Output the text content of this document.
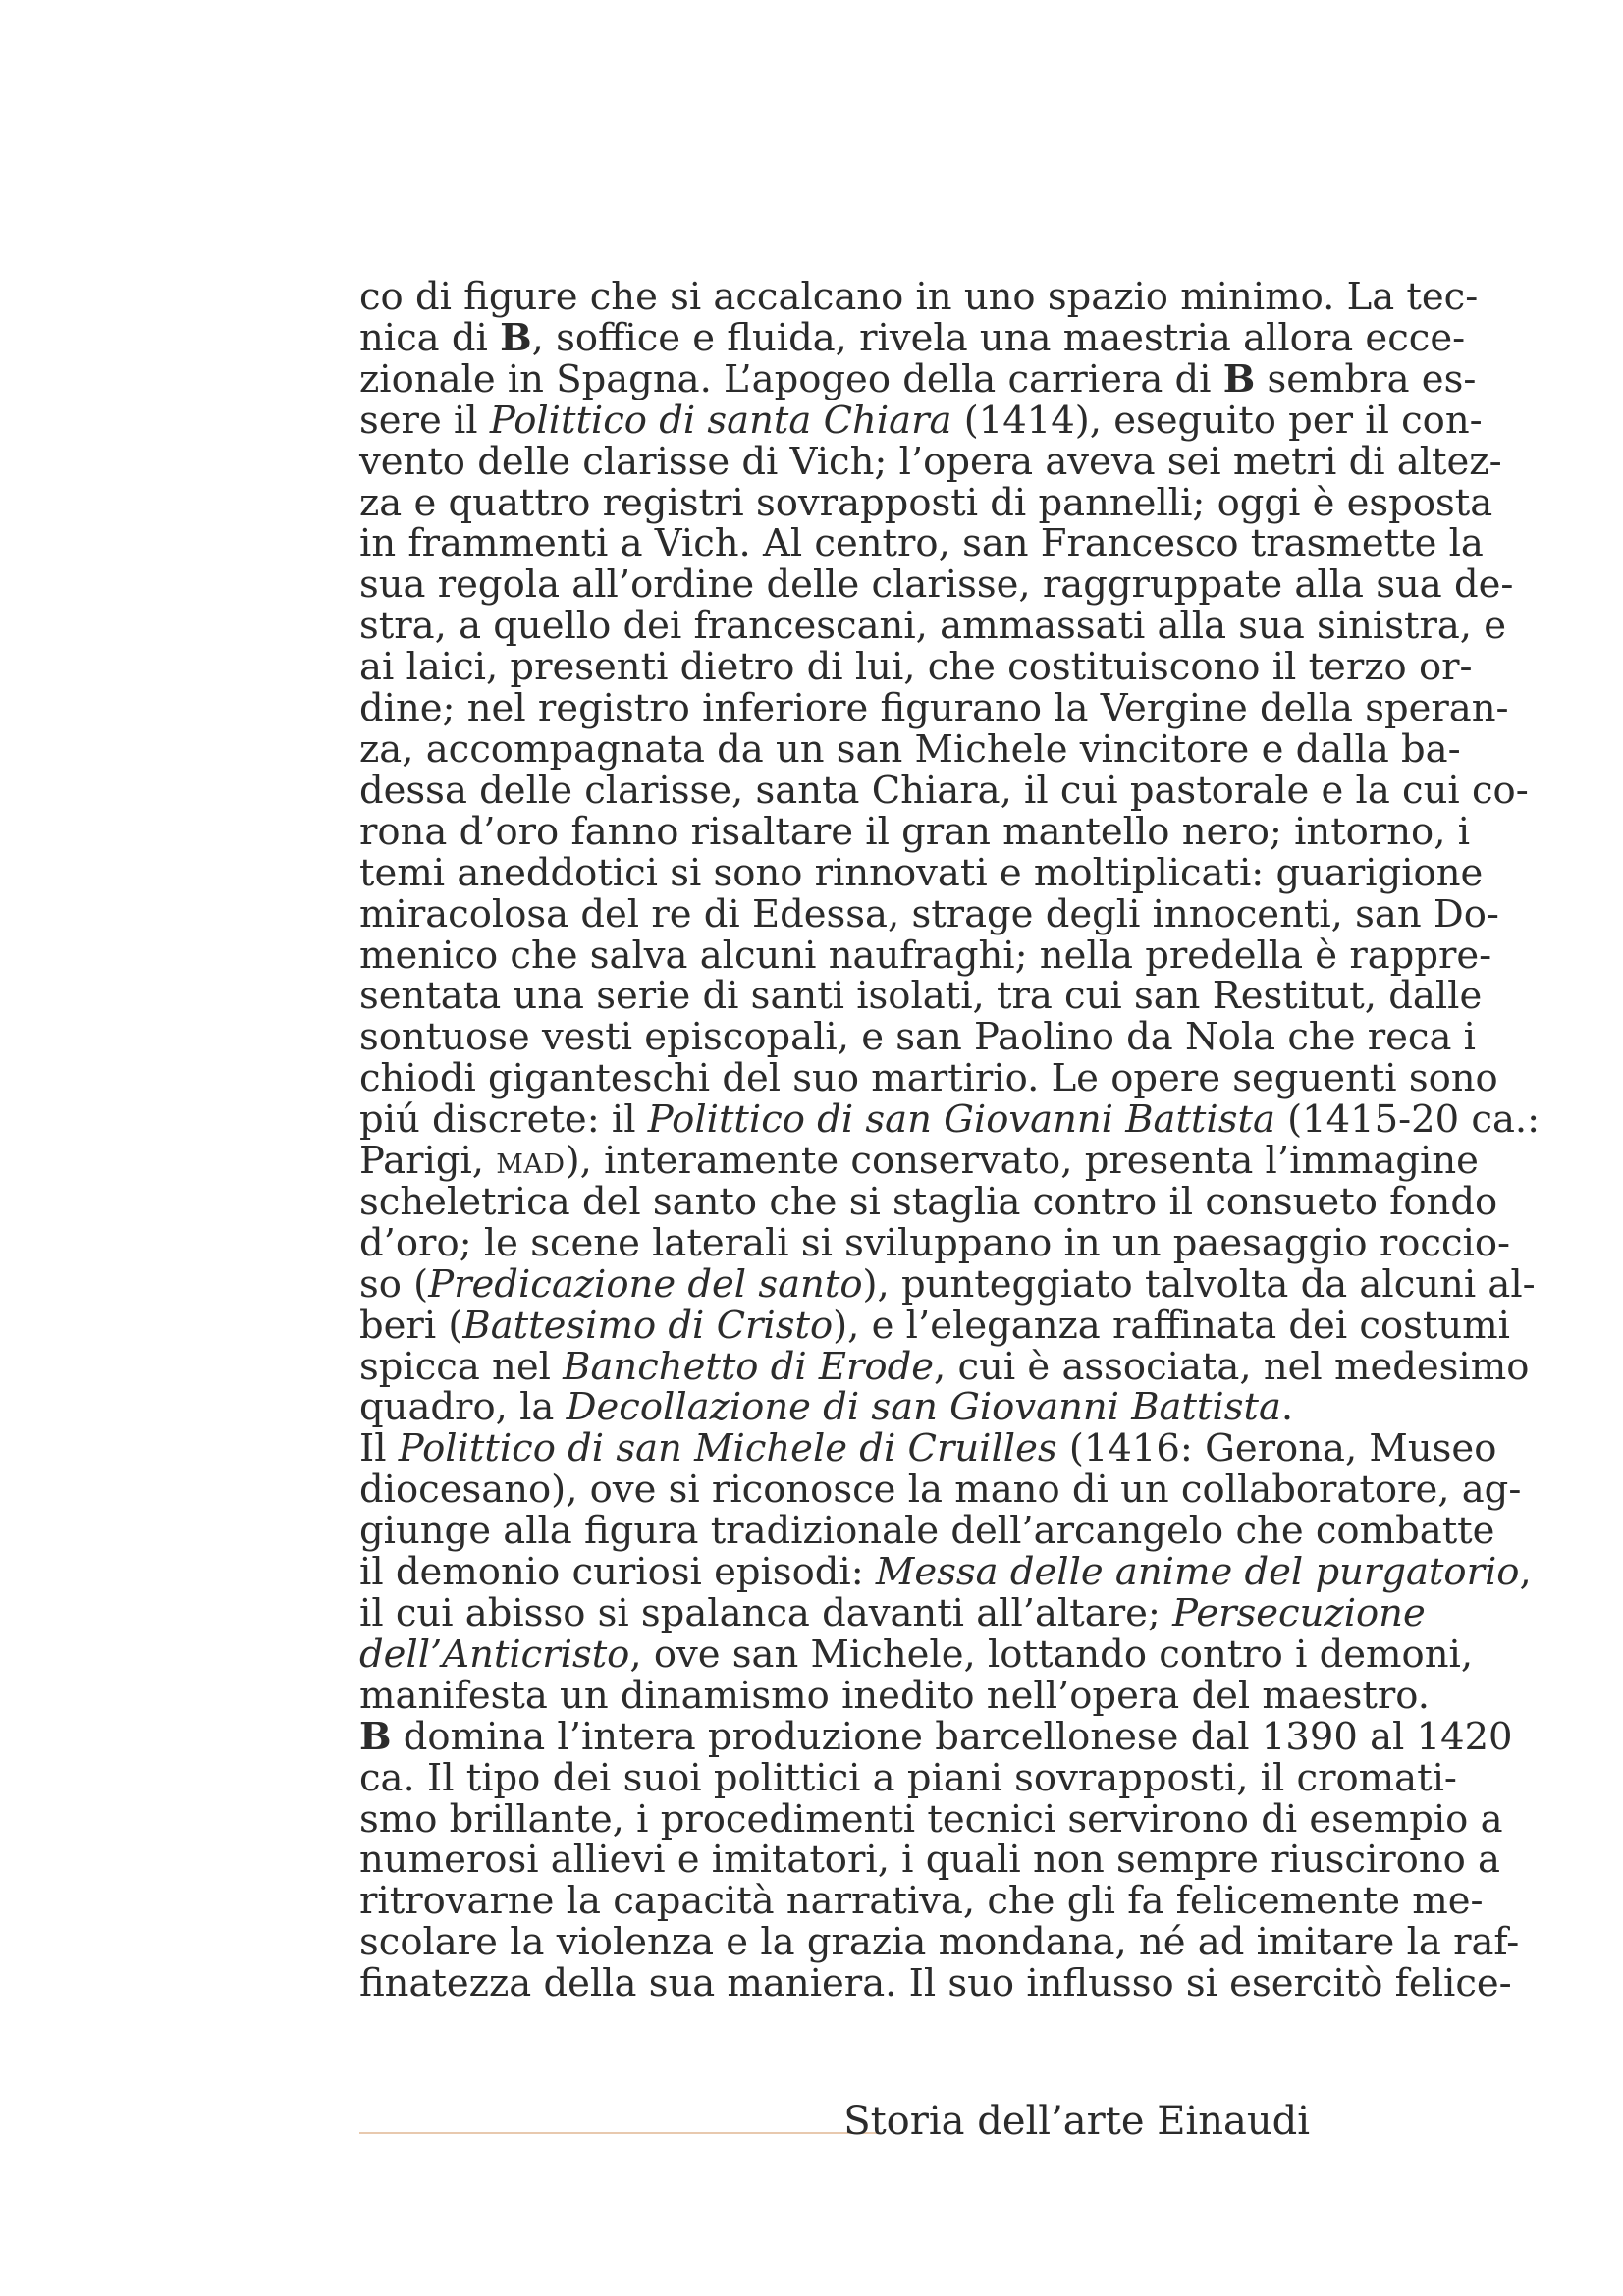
co di figure che si accalcano in uno spazio minimo. La tec-
nica di B, soffice e fluida, rivela una maestria allora ecce-
zionale in Spagna. L’apogeo della carriera di B sembra es-
sere il Polittico di santa Chiara (1414), eseguito per il con-
vento delle clarisse di Vich; l’opera aveva sei metri di altez-
za e quattro registri sovrapposti di pannelli; oggi è esposta
in frammenti a Vich. Al centro, san Francesco trasmette la
sua regola all’ordine delle clarisse, raggruppate alla sua de-
stra, a quello dei francescani, ammassati alla sua sinistra, e
ai laici, presenti dietro di lui, che costituiscono il terzo or-
dine; nel registro inferiore figurano la Vergine della speran-
za, accompagnata da un san Michele vincitore e dalla ba-
dessa delle clarisse, santa Chiara, il cui pastorale e la cui co-
rona d’oro fanno risaltare il gran mantello nero; intorno, i
temi aneddotici si sono rinnovati e moltiplicati: guarigione
miracolosa del re di Edessa, strage degli innocenti, san Do-
menico che salva alcuni naufraghi; nella predella è rappre-
sentata una serie di santi isolati, tra cui san Restitut, dalle
sontuose vesti episcopali, e san Paolino da Nola che reca i
chiodi giganteschi del suo martirio. Le opere seguenti sono
piú discrete: il Polittico di san Giovanni Battista (1415-20 ca.:
Parigi, mad), interamente conservato, presenta l’immagine
scheletrica del santo che si staglia contro il consueto fondo
d’oro; le scene laterali si sviluppano in un paesaggio roccio-
so (Predicazione del santo), punteggiato talvolta da alcuni al-
beri (Battesimo di Cristo), e l’eleganza raffinata dei costumi
spicca nel Banchetto di Erode, cui è associata, nel medesimo
quadro, la Decollazione di san Giovanni Battista.
Il Polittico di san Michele di Cruilles (1416: Gerona, Museo
diocesano), ove si riconosce la mano di un collaboratore, ag-
giunge alla figura tradizionale dell’arcangelo che combatte
il demonio curiosi episodi: Messa delle anime del purgatorio,
il cui abisso si spalanca davanti all’altare; Persecuzione
dell’Anticristo, ove san Michele, lottando contro i demoni,
manifesta un dinamismo inedito nell’opera del maestro.
B domina l’intera produzione barcellonese dal 1390 al 1420
ca. Il tipo dei suoi polittici a piani sovrapposti, il cromati-
smo brillante, i procedimenti tecnici servirono di esempio a
numerosi allievi e imitatori, i quali non sempre riuscirono a
ritrovarne la capacità narrativa, che gli fa felicemente me-
scolare la violenza e la grazia mondana, né ad imitare la raf-
finatezza della sua maniera. Il suo influsso si esercitò felice-
Storia dell’arte Einaudi
